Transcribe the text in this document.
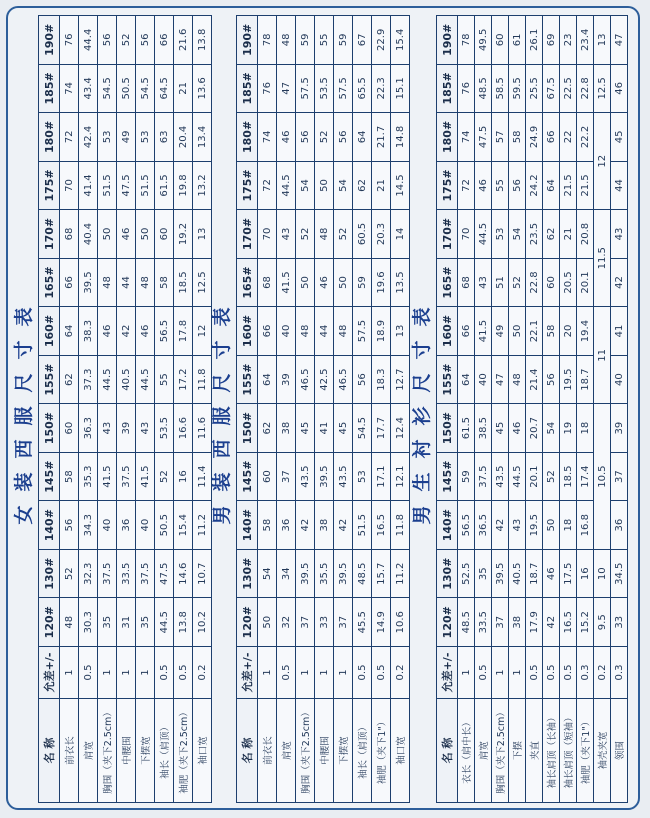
女装西服尺寸表
名 称	允差+/-	120#	130#	140#	145#	150#	155#	160#	165#	170#	175#	180#	185#	190#
前衣长	1	48	52	56	58	60	62	64	66	68	70	72	74	76
肩宽	0.5	30.3	32.3	34.3	35.3	36.3	37.3	38.3	39.5	40.4	41.4	42.4	43.4	44.4
胸围（夹下2.5cm）	1	35	37.5	40	41.5	43	44.5	46	48	50	51.5	53	54.5	56
中腰围	1	31	33.5	36	37.5	39	40.5	42	44	46	47.5	49	50.5	52
下摆宽	1	35	37.5	40	41.5	43	44.5	46	48	50	51.5	53	54.5	56
袖长（肩顶）	0.5	44.5	47.5	50.5	52	53.5	55	56.5	58	60	61.5	63	64.5	66
袖肥（夹下2.5cm）	0.5	13.8	14.6	15.4	16	16.6	17.2	17.8	18.5	19.2	19.8	20.4	21	21.6
袖口宽	0.2	10.2	10.7	11.2	11.4	11.6	11.8	12	12.5	13	13.2	13.4	13.6	13.8
男装西服尺寸表
名 称	允差+/-	120#	130#	140#	145#	150#	155#	160#	165#	170#	175#	180#	185#	190#
前衣长	1	50	54	58	60	62	64	66	68	70	72	74	76	78
肩宽	0.5	32	34	36	37	38	39	40	41.5	43	44.5	46	47	48
胸围（夹下2.5cm）	1	37	39.5	42	43.5	45	46.5	48	50	52	54	56	57.5	59
中腰围	1	33	35.5	38	39.5	41	42.5	44	46	48	50	52	53.5	55
下摆宽	1	37	39.5	42	43.5	45	46.5	48	50	52	54	56	57.5	59
袖长（肩顶）	0.5	45.5	48.5	51.5	53	54.5	56	57.5	59	60.5	62	64	65.5	67
袖肥（夹下1"）	0.5	14.9	15.7	16.5	17.1	17.7	18.3	18.9	19.6	20.3	21	21.7	22.3	22.9
袖口宽	0.2	10.6	11.2	11.8	12.1	12.4	12.7	13	13.5	14	14.5	14.8	15.1	15.4
男生衬衫尺寸表
名 称	允差+/-	120#	130#	140#	145#	150#	155#	160#	165#	170#	175#	180#	185#	190#
衣长（肩中长）	1	48.5	52.5	56.5	59	61.5	64	66	68	70	72	74	76	78
肩宽	0.5	33.5	35	36.5	37.5	38.5	40	41.5	43	44.5	46	47.5	48.5	49.5
胸围（夹下2.5cm）	1	37	39.5	42	43.5	45	47	49	51	53	55	57	58.5	60
下摆	1	38	40.5	43	44.5	46	48	50	52	54	56	58	59.5	61
夹直	0.5	17.9	18.7	19.5	20.1	20.7	21.4	22.1	22.8	23.5	24.2	24.9	25.5	26.1
袖长肩顶（长袖）	0.5	42	46	50	52	54	56	58	60	62	64	66	67.5	69
袖长肩顶（短袖）	0.5	16.5	17.5	18	18.5	19	19.5	20	20.5	21	21.5	22	22.5	23
袖肥（夹下1"）	0.3	15.2	16	16.8	17.4	18	18.7	19.4	20.1	20.8	21.5	22.2	22.8	23.4
袖壳夹宽	0.2	9.5	10	10.5			11		11.5		12		12.5	13
领围	0.3	33	34.5	36	37	39	40	41	42	43	44	45	46	47
